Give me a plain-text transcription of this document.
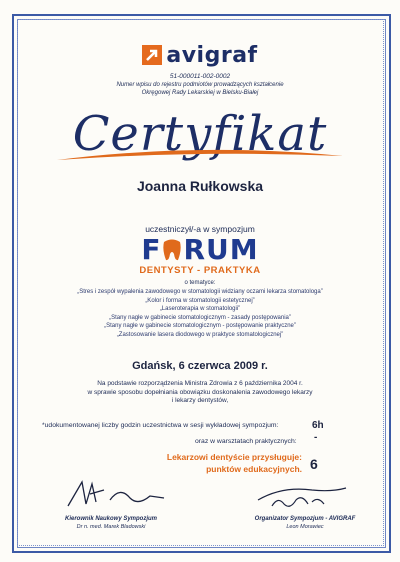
avigraf
51-000011-002-0002
Numer wpisu do rejestru podmiotów prowadzących kształcenie
Okręgowej Rady Lekarskiej w Bielsku-Białej
Certyfikat
Joanna Rułkowska
uczestniczył/-a w sympozjum
F RUM
DENTYSTY - PRAKTYKA
o tematyce:
„Stres i zespół wypalenia zawodowego w stomatologii widziany oczami lekarza stomatologa”
„Kolor i forma w stomatologii estetycznej”
„Laseroterapia w stomatologii”
„Stany nagłe w gabinecie stomatologicznym - zasady postępowania”
„Stany nagłe w gabinecie stomatologicznym - postępowanie praktyczne”
„Zastosowanie lasera diodowego w praktyce stomatologicznej”
Gdańsk, 6 czerwca 2009 r.
Na podstawie rozporządzenia Ministra Zdrowia z 6 października 2004 r.
w sprawie sposobu dopełniania obowiązku doskonalenia zawodowego lekarzy
i lekarzy dentystów,
*udokumentowanej liczby godzin uczestnictwa w sesji wykładowej sympozjum:	6h
oraz w warsztatach praktycznych: -
Lekarzowi dentyście przysługuje:
punktów edukacyjnych. 6
Kierownik Naukowy Sympozjum
Dr n. med. Marek Bladowski
Organizator Sympozjum - AVIGRAF
Leon Morawiec
